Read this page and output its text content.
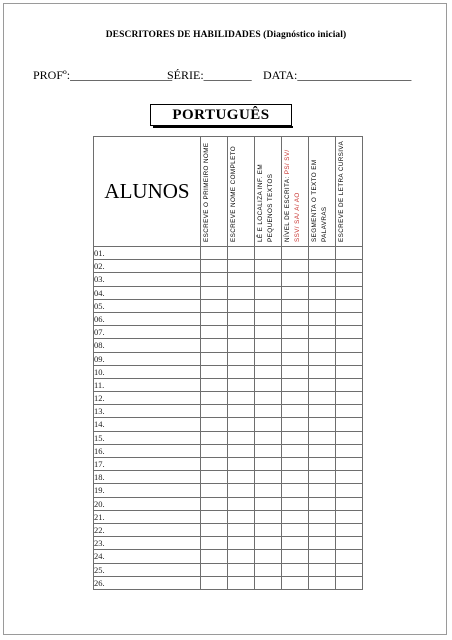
DESCRITORES DE HABILIDADES (Diagnóstico inicial)
PROFº:_________________
SÉRIE:________ DATA:___________________
PORTUGUÊS
ALUNOS	ESCREVE O PRIMEIRO NOME	ESCREVE NOME COMPLETO	LÊ E LOCALIZA INF. EM PEQUENOS TEXTOS	NÍVEL DE ESCRITA: PS/ SV/ SSV/ SA/ A/ AO	SEGMENTA O TEXTO EM PALAVRAS	ESCREVE DE LETRA CURSIVA

01.						
02.						
03.						
04.						
05.						
06.						
07.						
08.						
09.						
10.						
11.						
12.						
13.						
14.						
15.						
16.						
17.						
18.						
19.						
20.						
21.						
22.						
23.						
24.						
25.						
26.						
